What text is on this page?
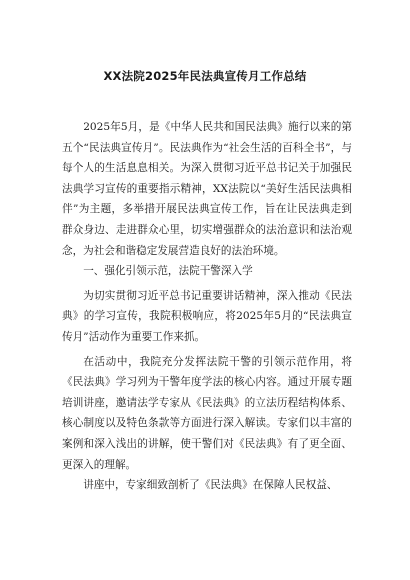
XX法院2025年民法典宣传月工作总结

2025年5月，是《中华人民共和国民法典》施行以来的第五个“民法典宣传月”。民法典作为“社会生活的百科全书”，与每个人的生活息息相关。为深入贯彻习近平总书记关于加强民法典学习宣传的重要指示精神，XX法院以“美好生活民法典相伴”为主题，多举措开展民法典宣传工作，旨在让民法典走到群众身边、走进群众心里，切实增强群众的法治意识和法治观念，为社会和谐稳定发展营造良好的法治环境。

一、强化引领示范，法院干警深入学

为切实贯彻习近平总书记重要讲话精神，深入推动《民法典》的学习宣传，我院积极响应，将2025年5月的“民法典宣传月”活动作为重要工作来抓。

在活动中，我院充分发挥法院干警的引领示范作用，将《民法典》学习列为干警年度学法的核心内容。通过开展专题培训讲座，邀请法学专家从《民法典》的立法历程结构体系、核心制度以及特色条款等方面进行深入解读。专家们以丰富的案例和深入浅出的讲解，使干警们对《民法典》有了更全面、更深入的理解。

讲座中，专家细致剖析了《民法典》在保障人民权益、
